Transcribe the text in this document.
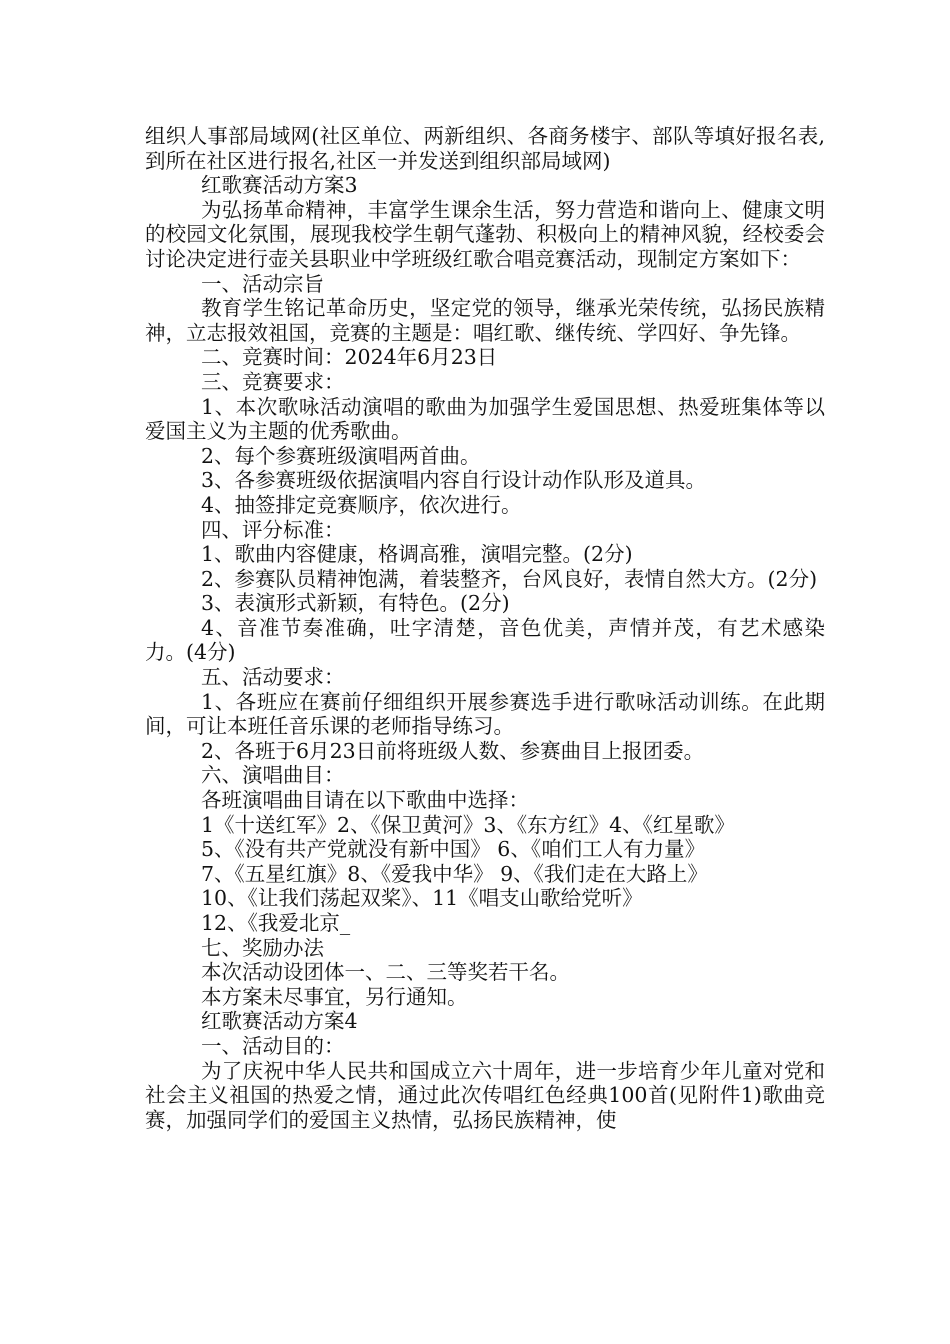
组织人事部局域网(社区单位、两新组织、各商务楼宇、部队等填好报名表,到所在社区进行报名,社区一并发送到组织部局域网)

红歌赛活动方案3

为弘扬革命精神，丰富学生课余生活，努力营造和谐向上、健康文明的校园文化氛围，展现我校学生朝气蓬勃、积极向上的精神风貌，经校委会讨论决定进行壶关县职业中学班级红歌合唱竞赛活动，现制定方案如下：

一、活动宗旨

教育学生铭记革命历史，坚定党的领导，继承光荣传统，弘扬民族精神，立志报效祖国，竞赛的主题是：唱红歌、继传统、学四好、争先锋。

二、竞赛时间：2024年6月23日

三、竞赛要求：

1、本次歌咏活动演唱的歌曲为加强学生爱国思想、热爱班集体等以爱国主义为主题的优秀歌曲。

2、每个参赛班级演唱两首曲。

3、各参赛班级依据演唱内容自行设计动作队形及道具。

4、抽签排定竞赛顺序，依次进行。

四、评分标准：

1、歌曲内容健康，格调高雅，演唱完整。(2分)

2、参赛队员精神饱满，着装整齐，台风良好，表情自然大方。(2分)

3、表演形式新颖，有特色。(2分)

4、音准节奏准确，吐字清楚，音色优美，声情并茂，有艺术感染力。(4分)

五、活动要求：

1、各班应在赛前仔细组织开展参赛选手进行歌咏活动训练。在此期间，可让本班任音乐课的老师指导练习。

2、各班于6月23日前将班级人数、参赛曲目上报团委。

六、演唱曲目：

各班演唱曲目请在以下歌曲中选择：

1《十送红军》2、《保卫黄河》3、《东方红》4、《红星歌》

5、《没有共产党就没有新中国》 6、《咱们工人有力量》

7、《五星红旗》8、《爱我中华》 9、《我们走在大路上》

10、《让我们荡起双桨》、11《唱支山歌给党听》

12、《我爱北京_

七、奖励办法

本次活动设团体一、二、三等奖若干名。

本方案未尽事宜，另行通知。

红歌赛活动方案4

一、活动目的：

为了庆祝中华人民共和国成立六十周年，进一步培育少年儿童对党和社会主义祖国的热爱之情，通过此次传唱红色经典100首(见附件1)歌曲竞赛，加强同学们的爱国主义热情，弘扬民族精神，使
